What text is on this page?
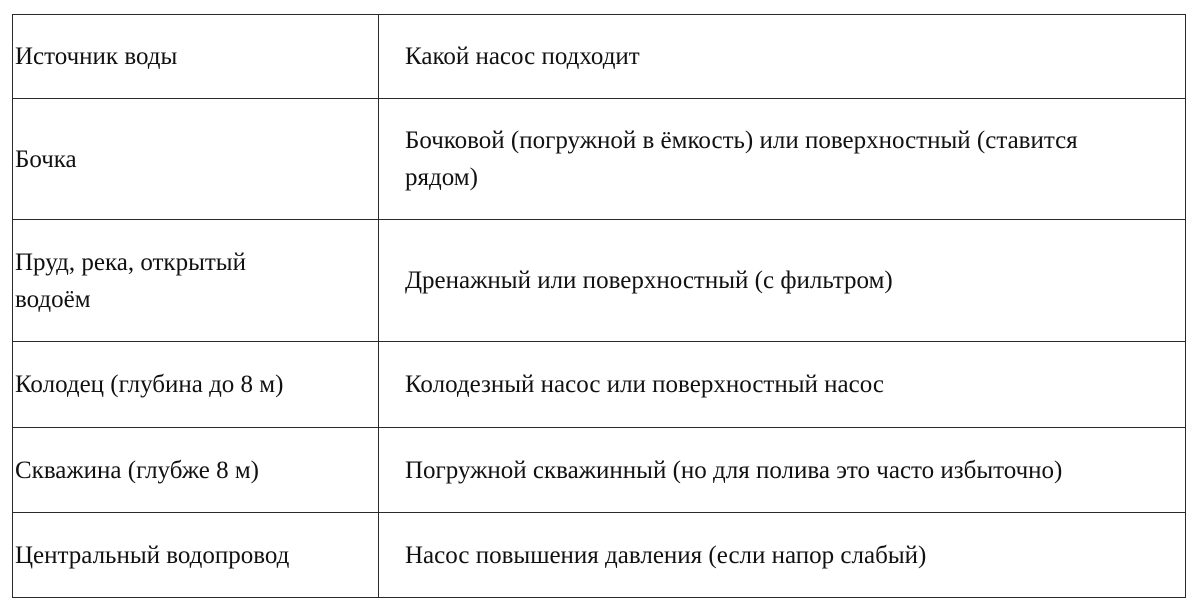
Источник воды	Какой насос подходит
Бочка	Бочковой (погружной в ёмкость) или поверхностный (ставится рядом)

Пруд, река, открытый водоём	Дренажный или поверхностный (с фильтром)
Колодец (глубина до 8 м)	Колодезный насос или поверхностный насос
Скважина (глубже 8 м)	Погружной скважинный (но для полива это часто избыточно)
Центральный водопровод	Насос повышения давления (если напор слабый)
